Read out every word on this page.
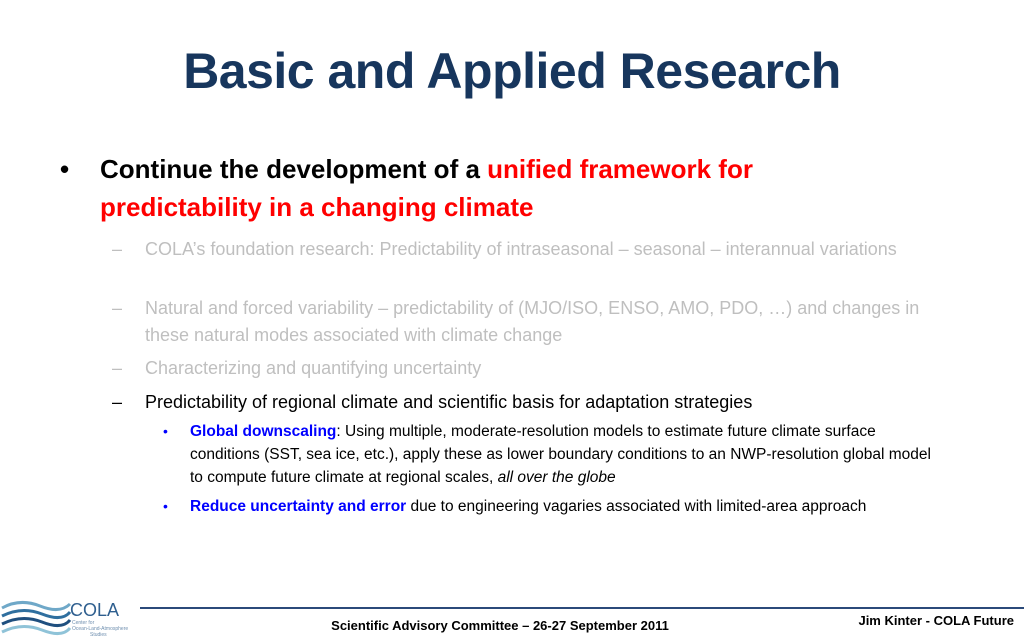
Basic and Applied Research
•	Continue the development of a unified framework for predictability in a changing climate
– COLA’s foundation research: Predictability of intraseasonal – seasonal – interannual variations
– Natural and forced variability – predictability of (MJO/ISO, ENSO, AMO, PDO, …) and changes in these natural modes associated with climate change
– Characterizing and quantifying uncertainty
– Predictability of regional climate and scientific basis for adaptation strategies
• Global downscaling: Using multiple, moderate-resolution models to estimate future climate surface conditions (SST, sea ice, etc.), apply these as lower boundary conditions to an NWP-resolution global model to compute future climate at regional scales, all over the globe
• Reduce uncertainty and error due to engineering vagaries associated with limited-area approach
COLA
Center for
Ocean-Land-Atmosphere
Studies
Scientific Advisory Committee – 26-27 September 2011	Jim Kinter - COLA Future
